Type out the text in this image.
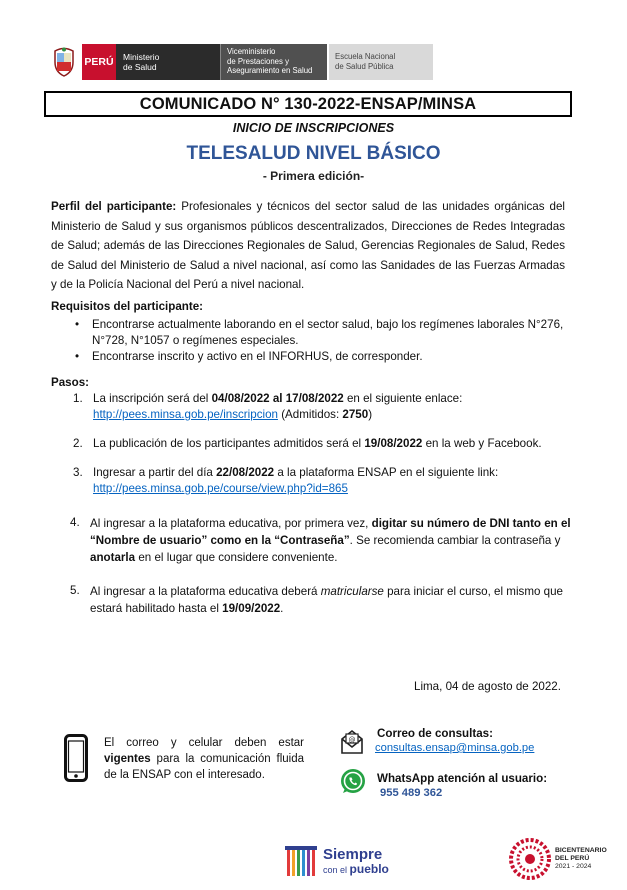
PERÚ	Ministerio
de Salud
Viceministerio
de Prestaciones y
Aseguramiento en Salud
Escuela Nacional
de Salud Pública
COMUNICADO N° 130-2022-ENSAP/MINSA
INICIO DE INSCRIPCIONES
TELESALUD NIVEL BÁSICO
- Primera edición-

Perfil del participante: Profesionales y técnicos del sector salud de las unidades orgánicas del Ministerio de Salud y sus organismos públicos descentralizados, Direcciones de Redes Integradas de Salud; además de las Direcciones Regionales de Salud, Gerencias Regionales de Salud, Redes de Salud del Ministerio de Salud a nivel nacional, así como las Sanidades de las Fuerzas Armadas y de la Policía Nacional del Perú a nivel nacional.

Requisitos del participante:
• Encontrarse actualmente laborando en el sector salud, bajo los regímenes laborales N°276, N°728, N°1057 o regímenes especiales.
• Encontrarse inscrito y activo en el INFORHUS, de corresponder.
Pasos:
1. La inscripción será del 04/08/2022 al 17/08/2022 en el siguiente enlace:
http://pees.minsa.gob.pe/inscripcion (Admitidos: 2750)
2. La publicación de los participantes admitidos será el 19/08/2022 en la web y Facebook.
3. Ingresar a partir del día 22/08/2022 a la plataforma ENSAP en el siguiente link:
http://pees.minsa.gob.pe/course/view.php?id=865
4. Al ingresar a la plataforma educativa, por primera vez, digitar su número de DNI tanto en el “Nombre de usuario” como en la “Contraseña”. Se recomienda cambiar la contraseña y anotarla en el lugar que considere conveniente.
5. Al ingresar a la plataforma educativa deberá matricularse para iniciar el curso, el mismo que estará habilitado hasta el 19/09/2022.
Lima, 04 de agosto de 2022.

El correo y celular deben estar vigentes para la comunicación fluida de la ENSAP con el interesado.

@ Correo de consultas:
consultas.ensap@minsa.gob.pe
WhatsApp atención al usuario:
955 489 362
Siempre
con el pueblo
BICENTENARIO
DEL PERÚ
2021 - 2024
